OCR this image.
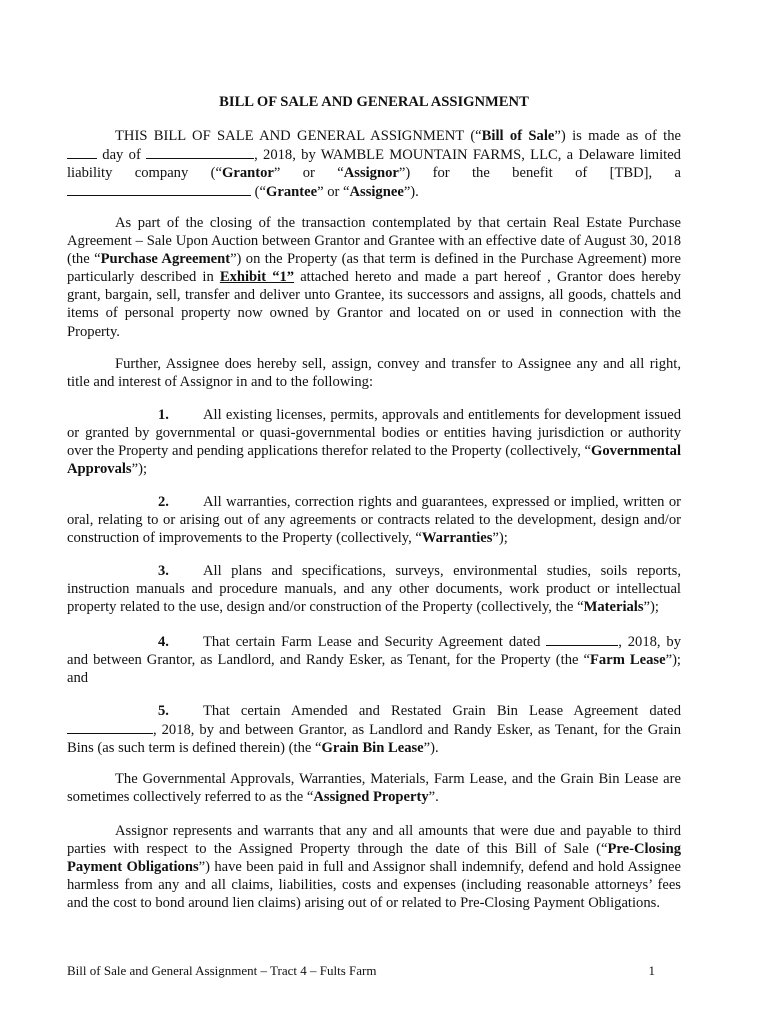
BILL OF SALE AND GENERAL ASSIGNMENT
THIS BILL OF SALE AND GENERAL ASSIGNMENT (“Bill of Sale”) is made as of the
day of	, 2018, by WAMBLE MOUNTAIN FARMS, LLC, a Delaware limited
liability company (“Grantor” or “Assignor”) for the benefit of [TBD], a
(“Grantee” or “Assignee”).
As part of the closing of the transaction contemplated by that certain Real Estate Purchase Agreement – Sale Upon Auction between Grantor and Grantee with an effective date of August 30, 2018 (the “Purchase Agreement”) on the Property (as that term is defined in the Purchase Agreement) more particularly described in Exhibit “1” attached hereto and made a part hereof , Grantor does hereby grant, bargain, sell, transfer and deliver unto Grantee, its successors and assigns, all goods, chattels and items of personal property now owned by Grantor and located on or used in connection with the Property.
Further, Assignee does hereby sell, assign, convey and transfer to Assignee any and all right, title and interest of Assignor in and to the following:
1. All existing licenses, permits, approvals and entitlements for development issued or granted by governmental or quasi-governmental bodies or entities having jurisdiction or authority over the Property and pending applications therefor related to the Property (collectively, “Governmental Approvals”);
2. All warranties, correction rights and guarantees, expressed or implied, written or oral, relating to or arising out of any agreements or contracts related to the development, design and/or construction of improvements to the Property (collectively, “Warranties”);
3. All plans and specifications, surveys, environmental studies, soils reports, instruction manuals and procedure manuals, and any other documents, work product or intellectual property related to the use, design and/or construction of the Property (collectively, the “Materials”);
4. That certain Farm Lease and Security Agreement dated	, 2018, by and between Grantor, as Landlord, and Randy Esker, as Tenant, for the Property (the “Farm Lease”); and
5. That certain Amended and Restated Grain Bin Lease Agreement dated
, 2018, by and between Grantor, as Landlord and Randy Esker, as Tenant, for the Grain Bins (as such term is defined therein) (the “Grain Bin Lease”).
The Governmental Approvals, Warranties, Materials, Farm Lease, and the Grain Bin Lease are sometimes collectively referred to as the “Assigned Property”.
Assignor represents and warrants that any and all amounts that were due and payable to third parties with respect to the Assigned Property through the date of this Bill of Sale (“Pre-Closing Payment Obligations”) have been paid in full and Assignor shall indemnify, defend and hold Assignee harmless from any and all claims, liabilities, costs and expenses (including reasonable attorneys’ fees and the cost to bond around lien claims) arising out of or related to Pre-Closing Payment Obligations.
Bill of Sale and General Assignment – Tract 4 – Fults Farm	1
